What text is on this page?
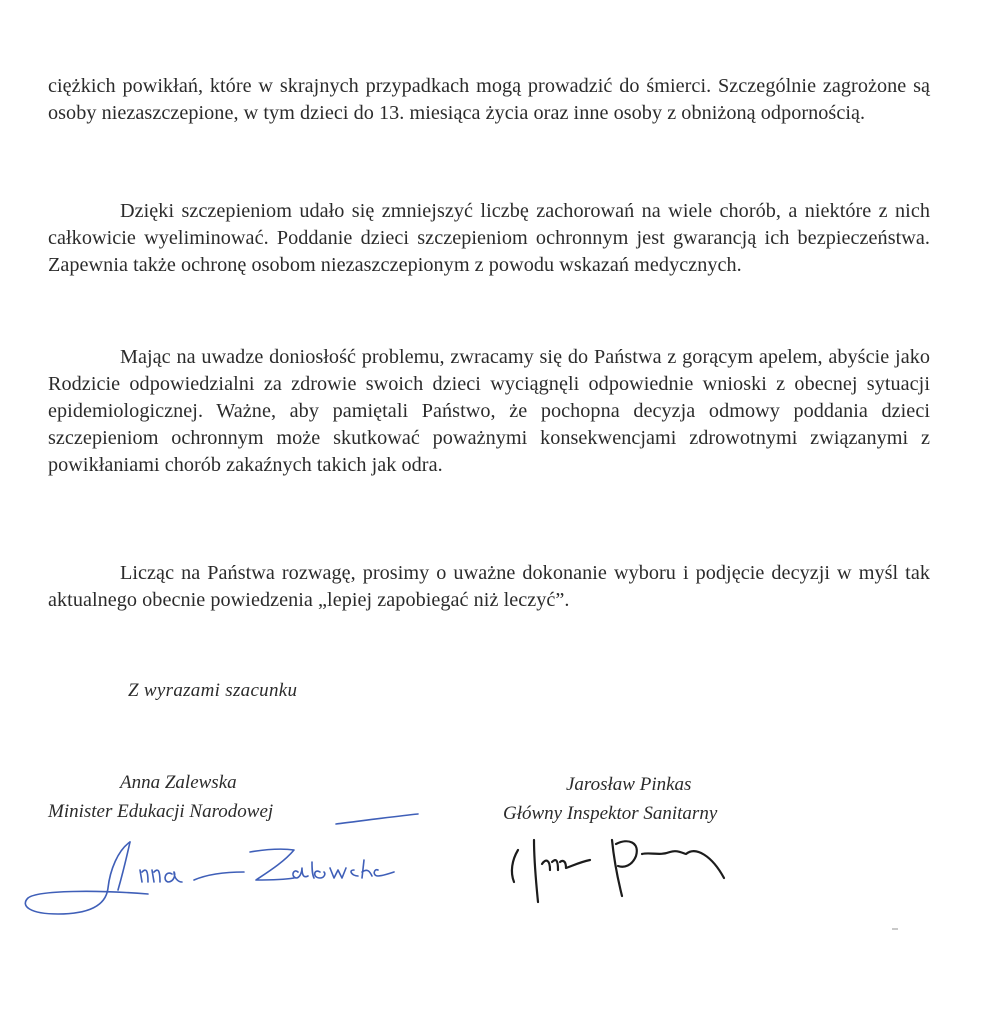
ciężkich powikłań, które w skrajnych przypadkach mogą prowadzić do śmierci. Szczególnie zagrożone są osoby niezaszczepione, w tym dzieci do 13. miesiąca życia oraz inne osoby z obniżoną odpornością.

Dzięki szczepieniom udało się zmniejszyć liczbę zachorowań na wiele chorób, a niektóre z nich całkowicie wyeliminować. Poddanie dzieci szczepieniom ochronnym jest gwarancją ich bezpieczeństwa. Zapewnia także ochronę osobom niezaszczepionym z powodu wskazań medycznych.

Mając na uwadze doniosłość problemu, zwracamy się do Państwa z gorącym apelem, abyście jako Rodzicie odpowiedzialni za zdrowie swoich dzieci wyciągnęli odpowiednie wnioski z obecnej sytuacji epidemiologicznej. Ważne, aby pamiętali Państwo, że pochopna decyzja odmowy poddania dzieci szczepieniom ochronnym może skutkować poważnymi konsekwencjami zdrowotnymi związanymi z powikłaniami chorób zakaźnych takich jak odra.

Licząc na Państwa rozwagę, prosimy o uważne dokonanie wyboru i podjęcie decyzji w myśl tak aktualnego obecnie powiedzenia „lepiej zapobiegać niż leczyć”.

Z wyrazami szacunku
Anna Zalewska
Minister Edukacji Narodowej
Jarosław Pinkas
Główny Inspektor Sanitarny
